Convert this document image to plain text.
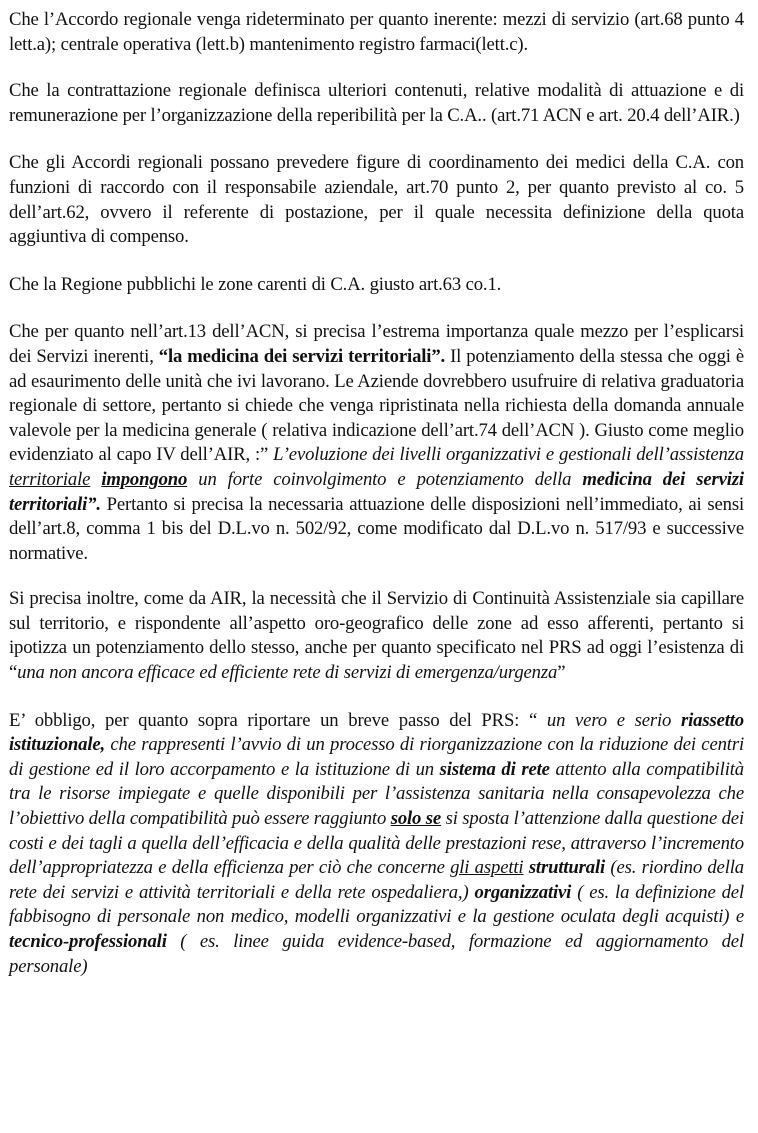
Che l’Accordo regionale venga rideterminato per quanto inerente: mezzi di servizio (art.68 punto 4 lett.a); centrale operativa (lett.b) mantenimento registro farmaci(lett.c).

Che la contrattazione regionale definisca ulteriori contenuti, relative modalità di attuazione e di remunerazione per l’organizzazione della reperibilità per la C.A.. (art.71 ACN e art. 20.4 dell’AIR.)

Che gli Accordi regionali possano prevedere figure di coordinamento dei medici della C.A. con funzioni di raccordo con il responsabile aziendale, art.70 punto 2, per quanto previsto al co. 5 dell’art.62, ovvero il referente di postazione, per il quale necessita definizione della quota aggiuntiva di compenso.

Che la Regione pubblichi le zone carenti di C.A. giusto art.63 co.1.

Che per quanto nell’art.13 dell’ACN, si precisa l’estrema importanza quale mezzo per l’esplicarsi dei Servizi inerenti, “la medicina dei servizi territoriali”. Il potenziamento della stessa che oggi è ad esaurimento delle unità che ivi lavorano. Le Aziende dovrebbero usufruire di relativa graduatoria regionale di settore, pertanto si chiede che venga ripristinata nella richiesta della domanda annuale valevole per la medicina generale ( relativa indicazione dell’art.74 dell’ACN ). Giusto come meglio evidenziato al capo IV dell’AIR, :” L’evoluzione dei livelli organizzativi e gestionali dell’assistenza territoriale impongono un forte coinvolgimento e potenziamento della medicina dei servizi territoriali”. Pertanto si precisa la necessaria attuazione delle disposizioni nell’immediato, ai sensi dell’art.8, comma 1 bis del D.L.vo n. 502/92, come modificato dal D.L.vo n. 517/93 e successive normative.

Si precisa inoltre, come da AIR, la necessità che il Servizio di Continuità Assistenziale sia capillare sul territorio, e rispondente all’aspetto oro-geografico delle zone ad esso afferenti, pertanto si ipotizza un potenziamento dello stesso, anche per quanto specificato nel PRS ad oggi l’esistenza di “una non ancora efficace ed efficiente rete di servizi di emergenza/urgenza”

E’ obbligo, per quanto sopra riportare un breve passo del PRS: “ un vero e serio riassetto istituzionale, che rappresenti l’avvio di un processo di riorganizzazione con la riduzione dei centri di gestione ed il loro accorpamento e la istituzione di un sistema di rete attento alla compatibilità tra le risorse impiegate e quelle disponibili per l’assistenza sanitaria nella consapevolezza che l’obiettivo della compatibilità può essere raggiunto solo se si sposta l’attenzione dalla questione dei costi e dei tagli a quella dell’efficacia e della qualità delle prestazioni rese, attraverso l’incremento dell’appropriatezza e della efficienza per ciò che concerne gli aspetti strutturali (es. riordino della rete dei servizi e attività territoriali e della rete ospedaliera,) organizzativi ( es. la definizione del fabbisogno di personale non medico, modelli organizzativi e la gestione oculata degli acquisti) e tecnico-professionali ( es. linee guida evidence-based, formazione ed aggiornamento del personale)
